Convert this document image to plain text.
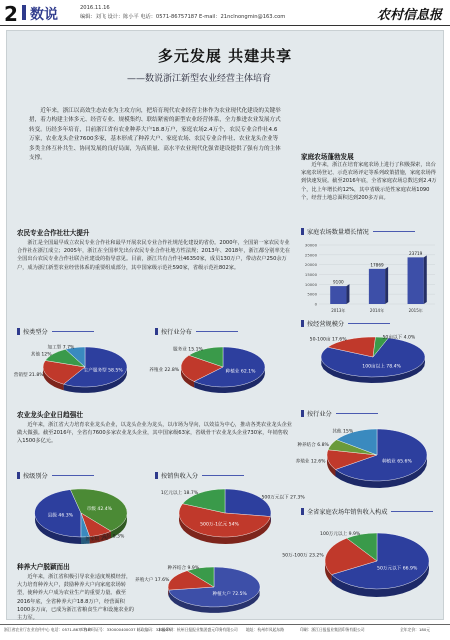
2 数说	2016.11.16
编辑：刘飞 设计：陈小平 电话：0571-86757187 E-mail：21nclnongmin@163.com	农村信息报
多元发展 共建共享
——数说浙江新型农业经营主体培育

近年来，浙江以高效生态农业为主攻方向，把培育现代农业经营主体作为农业现代化建设的关键举措，着力构建主体多元、经营专业、规模集约、联结紧密的新型农业经营体系，全力推进农业发展方式转变。历经多年培育，目前浙江省有农业种养大户18.8万户，家庭农场2.4万个，农民专业合作社4.6万家，农业龙头企业7600多家，基本形成了种养大户、家庭农场、农民专业合作社、农业龙头企业等多类主体互补共生、协同发展的良好局面，为高质量、高水平农业现代化强省建设提供了强有力的主体支撑。

农民专业合作社壮大提升

浙江是全国最早成立农民专业合作社和最早开展农民专业合作社规范化建设的省份。2000年，全国第一家农民专业合作社在浙江成立；2005年，浙江在全国率先出台农民专业合作社地方性法规；2013年、2018年，浙江都分别率先在全国出台农民专业合作社联合社建设的指导意见。目前，浙江共有合作社46350家，成员130万户，带动农户250余万户，成为浙江新型农业经营体系的重要组成部分，其中国家级示范社590家，省级示范社802家。

按类型分
生产服务型 58.5%
营销型 21.8%
其他 12%
加工型 7.7%
按行业分布
种植业 62.1%
养殖业 22.8%
服务业 15.1%
农业龙头企业日趋强壮

近年来，浙江省大力培育农业龙头企业，以龙头企业为龙头，以市场为导向，以效益为中心，推动各类农业龙头企业做大做强。截至2016年，全省有7600多家农业龙头企业，其中国家级63家，省级骨干农业龙头企业730家，年销售收入1500多亿元。

按级别分
县级 46.3%
市级 42.4%
省级 8.3%
国家级 3%
按销售收入分
500万元以下 27.3%
500万-1亿元 54%
1亿元以上 18.7%
种养大户脱颖而出

近年来，浙江省积极引导农业适度规模经营，大力培育种养大户，鼓励种养大户向家庭农场转型，使种养大户成为农业生产的重要力量。截至2016年底，全省种养大户18.8万户，经营面积1000多万亩，已成为浙江省粮食生产和设施农业的主力军。

种植大户 72.5%
养殖大户 17.6%
种养结合 9.9%
家庭农场蓬勃发展

近年来，浙江在培育家庭农场上进行了积极探索，出台家庭农场登记、示范农场评定等系列政策措施，家庭农场得到快速发展。截至2016年底，全省家庭农场总数达到2.4万个，比上年增长约12%，其中省级示范性家庭农场1090个，经营土地总面积达到200多万亩。

家庭农场数量增长情况
0
5000
10000
15000
20000
25000
30000
9100
2013年
17869
2014年
23719
2015年
按经营规模分
100亩以上 78.4%
50-100亩 17.6%	50亩以下 4.0%
按行业分
种植业 65.6%
养殖业 12.6%
种养结合 6.8%
其他 15%
全省家庭农场年销售收入构成
50万元以下 66.9%
50万-100万 23.2%
100万元以上 9.9%
浙江省农业厅农业宣传中心 电话：0571-86757187
广告许可证号：330000400037 邮政编码：310007
本报印刷：杭州日报报业集团盛元印务有限公司 地址：杭州市凤起东路	印刷：浙江日报报业集团印务有限公司	全年定价：180元
